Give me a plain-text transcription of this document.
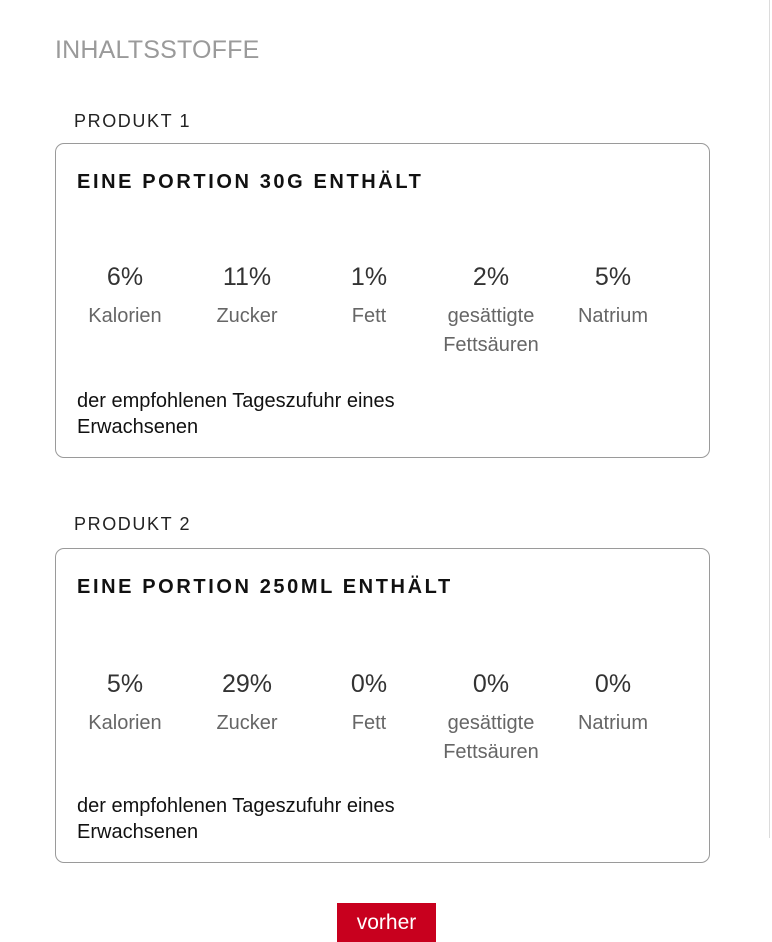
INHALTSSTOFFE
PRODUKT 1
EINE PORTION 30G ENTHÄLT
6%
Kalorien
11%
Zucker
1%
Fett
2%
gesättigte Fettsäuren
5%
Natrium
der empfohlenen Tageszufuhr eines Erwachsenen
PRODUKT 2
EINE PORTION 250ML ENTHÄLT
5%
Kalorien
29%
Zucker
0%
Fett
0%
gesättigte Fettsäuren
0%
Natrium
der empfohlenen Tageszufuhr eines Erwachsenen
vorher
